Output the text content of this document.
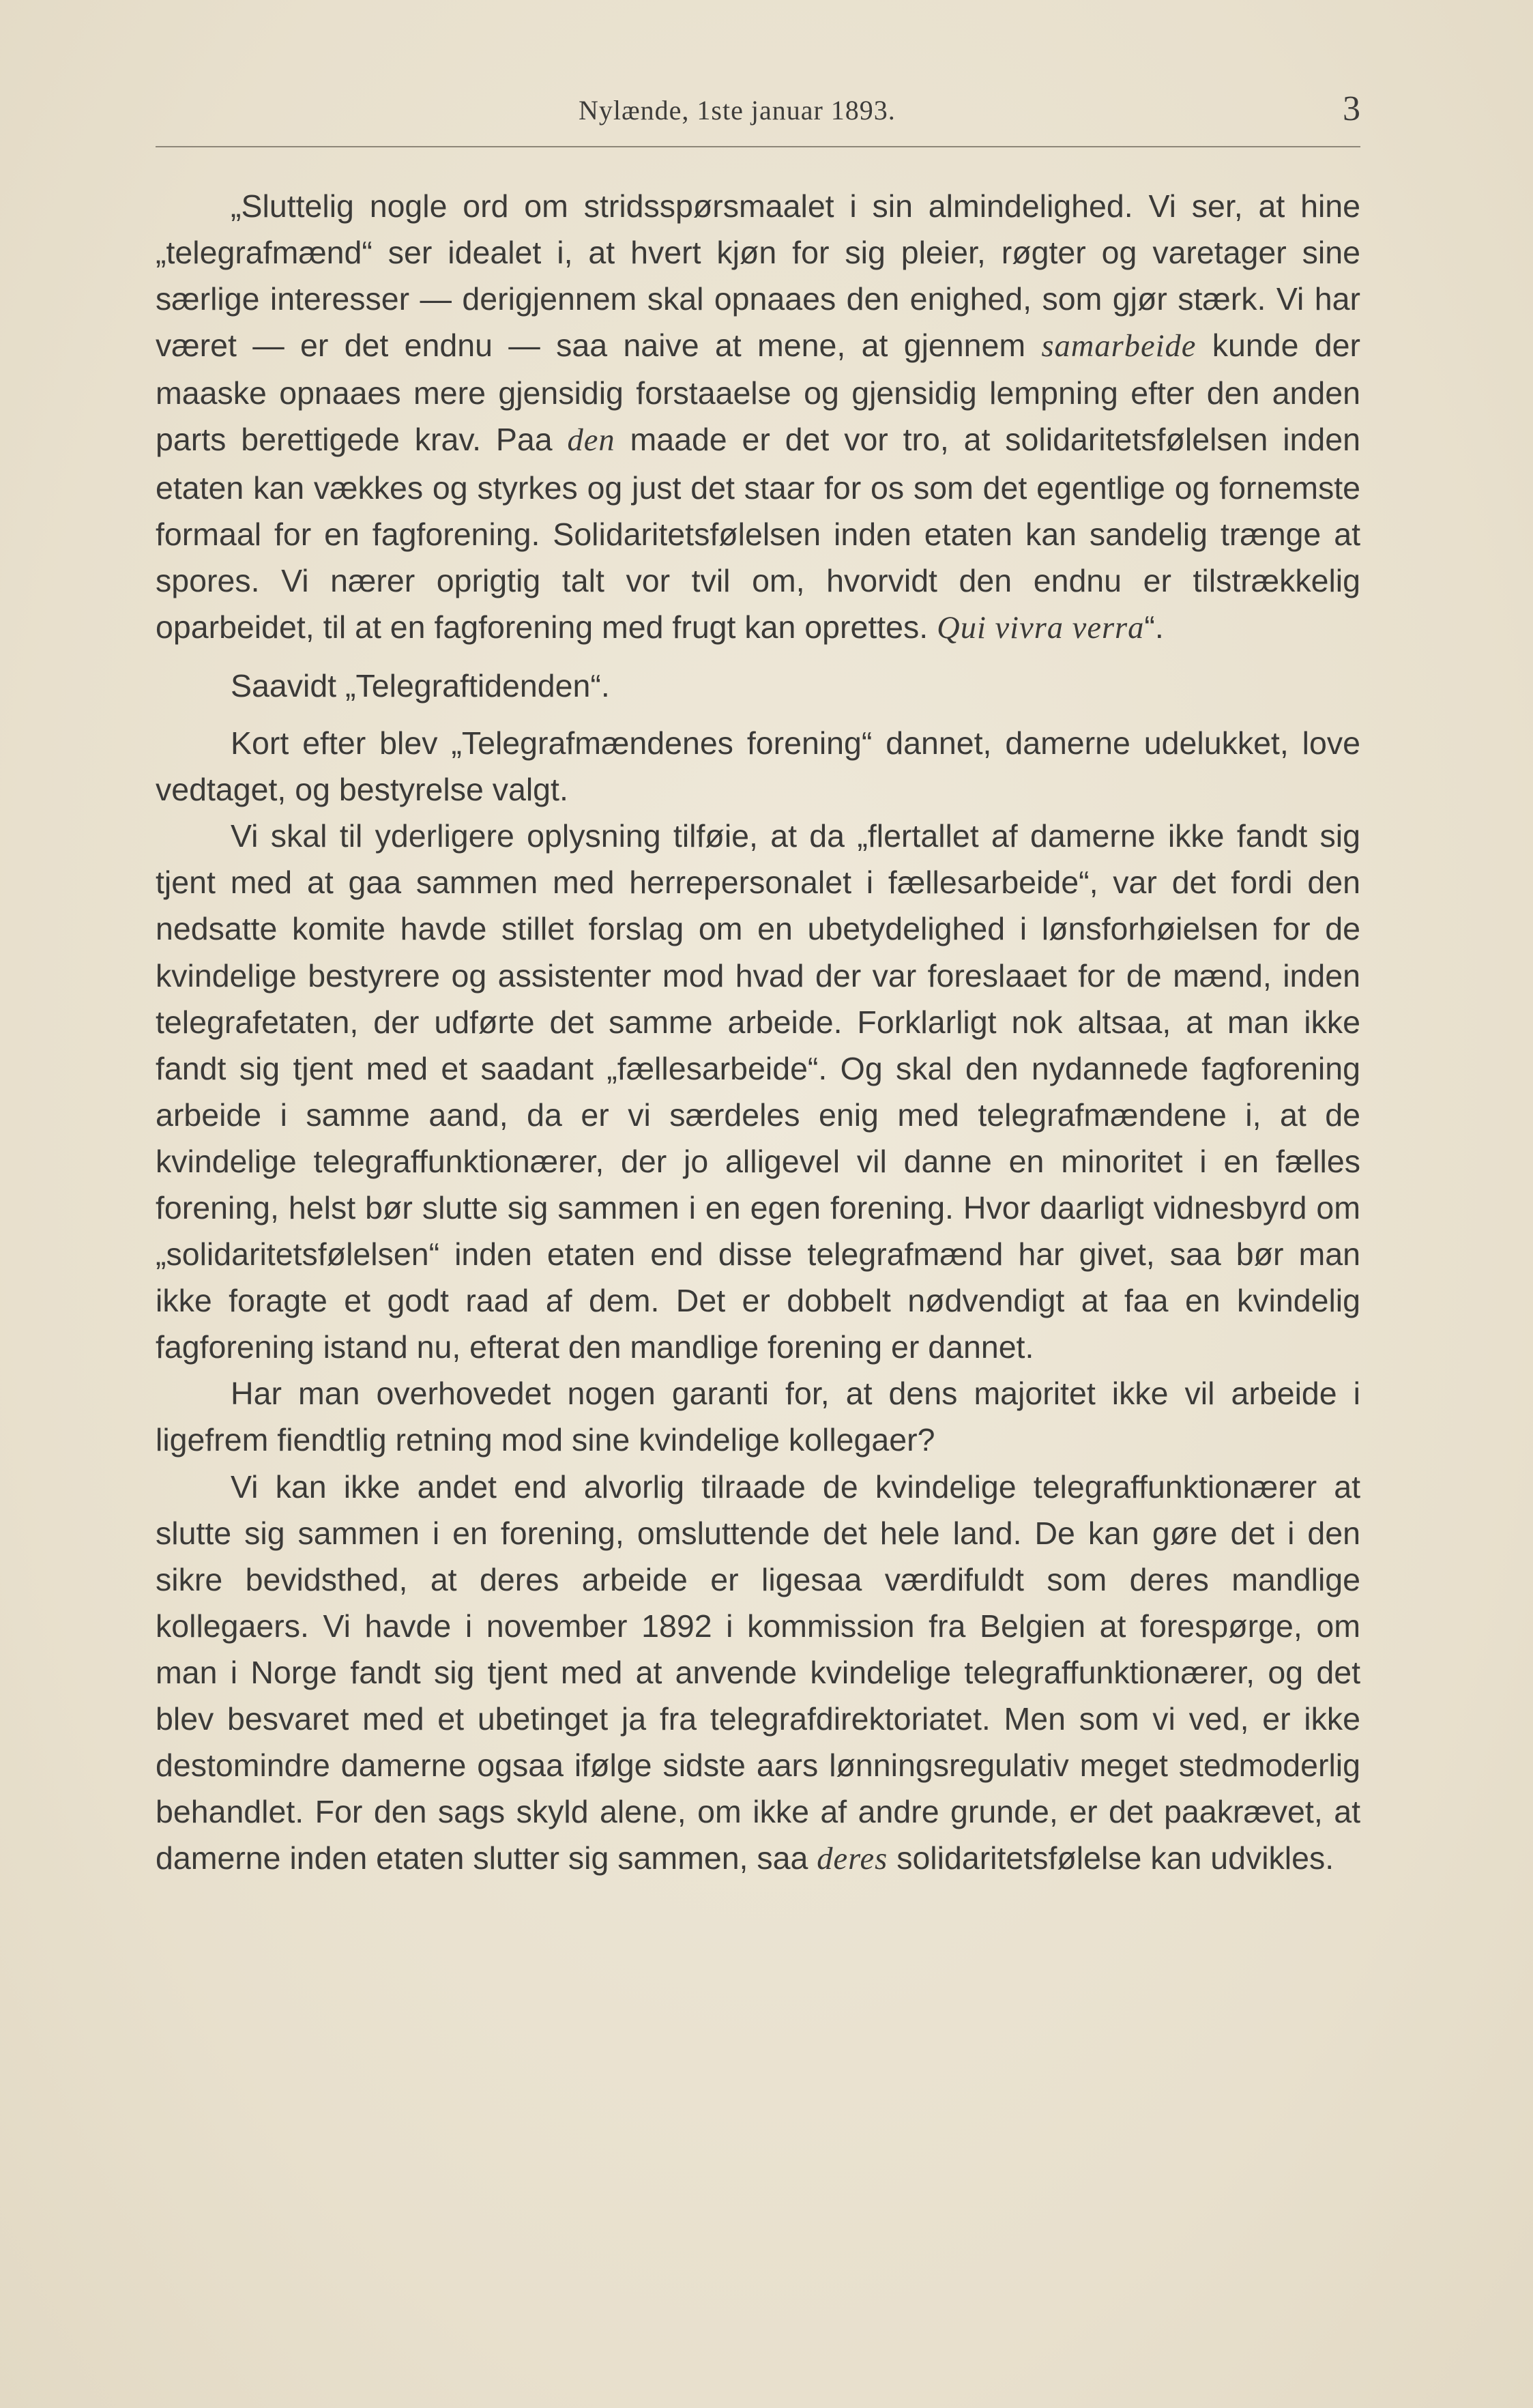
Nylænde, 1ste januar 1893.	3

„Sluttelig nogle ord om stridsspørsmaalet i sin almindelighed. Vi ser, at hine „telegrafmænd“ ser idealet i, at hvert kjøn for sig pleier, røgter og varetager sine særlige interesser — derigjennem skal opnaaes den enighed, som gjør stærk. Vi har været — er det endnu — saa naive at mene, at gjennem samarbeide kunde der maaske opnaaes mere gjensidig forstaaelse og gjensidig lempning efter den anden parts berettigede krav. Paa den maade er det vor tro, at solidaritetsfølelsen inden etaten kan vækkes og styrkes og just det staar for os som det egentlige og fornemste formaal for en fagforening. Solidaritetsfølelsen inden etaten kan sandelig trænge at spores. Vi nærer oprigtig talt vor tvil om, hvorvidt den endnu er tilstrækkelig oparbeidet, til at en fagforening med frugt kan oprettes. Qui vivra verra“.

Saavidt „Telegraftidenden“.

Kort efter blev „Telegrafmændenes forening“ dannet, damerne udelukket, love vedtaget, og bestyrelse valgt.

Vi skal til yderligere oplysning tilføie, at da „flertallet af damerne ikke fandt sig tjent med at gaa sammen med herrepersonalet i fællesarbeide“, var det fordi den nedsatte komite havde stillet forslag om en ubetydelighed i lønsforhøielsen for de kvindelige bestyrere og assistenter mod hvad der var foreslaaet for de mænd, inden telegrafetaten, der udførte det samme arbeide. Forklarligt nok altsaa, at man ikke fandt sig tjent med et saadant „fællesarbeide“. Og skal den nydannede fagforening arbeide i samme aand, da er vi særdeles enig med telegrafmændene i, at de kvindelige telegraffunktionærer, der jo alligevel vil danne en minoritet i en fælles forening, helst bør slutte sig sammen i en egen forening. Hvor daarligt vidnesbyrd om „solidaritetsfølelsen“ inden etaten end disse telegrafmænd har givet, saa bør man ikke foragte et godt raad af dem. Det er dobbelt nødvendigt at faa en kvindelig fagforening istand nu, efterat den mandlige forening er dannet.

Har man overhovedet nogen garanti for, at dens majoritet ikke vil arbeide i ligefrem fiendtlig retning mod sine kvindelige kollegaer?

Vi kan ikke andet end alvorlig tilraade de kvindelige telegraffunktionærer at slutte sig sammen i en forening, omsluttende det hele land. De kan gøre det i den sikre bevidsthed, at deres arbeide er ligesaa værdifuldt som deres mandlige kollegaers. Vi havde i november 1892 i kommission fra Belgien at forespørge, om man i Norge fandt sig tjent med at anvende kvindelige telegraffunktionærer, og det blev besvaret med et ubetinget ja fra telegrafdirektoriatet. Men som vi ved, er ikke destomindre damerne ogsaa ifølge sidste aars lønningsregulativ meget stedmoderlig behandlet. For den sags skyld alene, om ikke af andre grunde, er det paakrævet, at damerne inden etaten slutter sig sammen, saa deres solidaritetsfølelse kan udvikles.
